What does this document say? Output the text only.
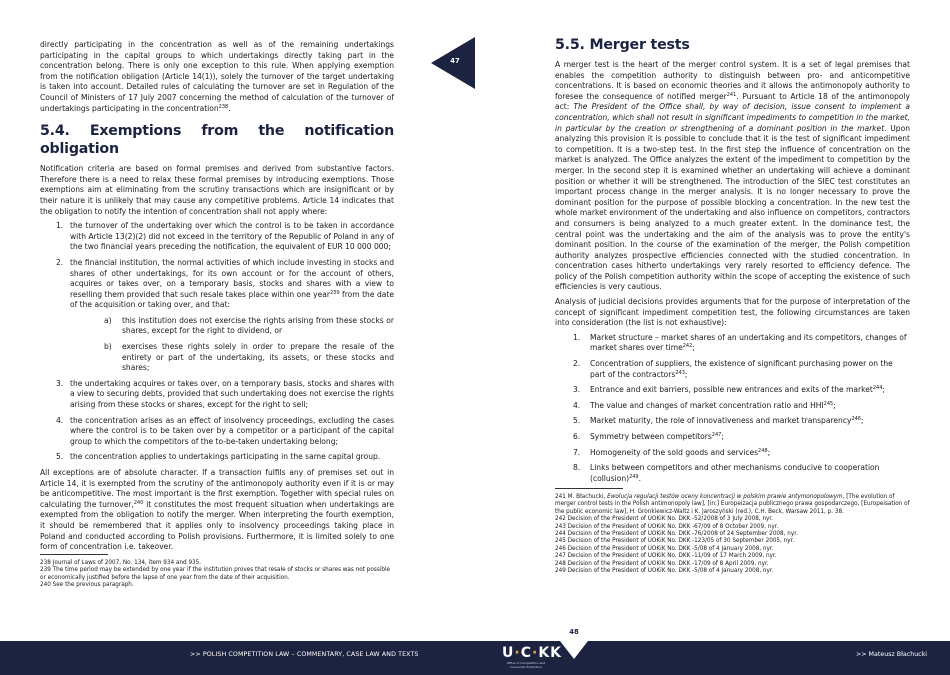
directly participating in the concentration as well as of the remaining undertakings participating in the capital groups to which undertakings directly taking part in the concentration belong. There is only one exception to this rule. When applying exemption from the notification obligation (Article 14(1)), solely the turnover of the target undertaking is taken into account. Detailed rules of calculating the turnover are set in Regulation of the Council of Ministers of 17 July 2007 concerning the method of calculation of the turnover of undertakings participating in the concentration$^{238}$.

5.4. Exemptions from the notification obligation

Notification criteria are based on formal premises and derived from substantive factors. Therefore there is a need to relax these formal premises by introducing exemptions. Those exemptions aim at eliminating from the scrutiny transactions which are insignificant or by their nature it is unlikely that may cause any competitive problems. Article 14 indicates that the obligation to notify the intention of concentration shall not apply where:

1. the turnover of the undertaking over which the control is to be taken in accordance with Article 13(2)(2) did not exceed in the territory of the Republic of Poland in any of the two financial years preceding the notification, the equivalent of EUR 10 000 000;
2. the financial institution, the normal activities of which include investing in stocks and shares of other undertakings, for its own account or for the account of others, acquires or takes over, on a temporary basis, stocks and shares with a view to reselling them provided that such resale takes place within one year$^{239}$ from the date of the acquisition or taking over, and that:
a) this institution does not exercise the rights arising from these stocks or shares, except for the right to dividend, or
b) exercises these rights solely in order to prepare the resale of the entirety or part of the undertaking, its assets, or these stocks and shares;
3. the undertaking acquires or takes over, on a temporary basis, stocks and shares with a view to securing debts, provided that such undertaking does not exercise the rights arising from these stocks or shares, except for the right to sell;
4. the concentration arises as an effect of insolvency proceedings, excluding the cases where the control is to be taken over by a competitor or a participant of the capital group to which the competitors of the to-be-taken undertaking belong;
5. the concentration applies to undertakings participating in the same capital group.

All exceptions are of absolute character. If a transaction fulfils any of premises set out in Article 14, it is exempted from the scrutiny of the antimonopoly authority even if it is or may be anticompetitive. The most important is the first exemption. Together with special rules on calculating the turnover,$^{240}$ it constitutes the most frequent situation when undertakings are exempted from the obligation to notify the merger. When interpreting the fourth exemption, it should be remembered that it applies only to insolvency proceedings taking place in Poland and conducted according to Polish provisions. Furthermore, it is limited solely to one form of concentration i.e. takeover.

238 Journal of Laws of 2007, No. 134, item 934 and 935.
239 The time period may be extended by one year if the institution proves that resale of stocks or shares was not possible or economically justified before the lapse of one year from the date of their acquisition.
240 See the previous paragraph.
47
5.5. Merger tests

A merger test is the heart of the merger control system. It is a set of legal premises that enables the competition authority to distinguish between pro- and anticompetitive concentrations. It is based on economic theories and it allows the antimonopoly authority to foresee the consequence of notified merger$^{241}$. Pursuant to Article 18 of the antimonopoly act: The President of the Office shall, by way of decision, issue consent to implement a concentration, which shall not result in significant impediments to competition in the market, in particular by the creation or strengthening of a dominant position in the market. Upon analyzing this provision it is possible to conclude that it is the test of significant impediment to competition. It is a two-step test. In the first step the influence of concentration on the market is analyzed. The Office analyzes the extent of the impediment to competition by the merger. In the second step it is examined whether an undertaking will achieve a dominant position or whether it will be strengthened. The introduction of the SIEC test constitutes an important process change in the merger analysis. It is no longer necessary to prove the dominant position for the purpose of possible blocking a concentration. In the new test the whole market environment of the undertaking and also influence on competitors, contractors and consumers is being analyzed to a much greater extent. In the dominance test, the central point was the undertaking and the aim of the analysis was to prove the entity's dominant position. In the course of the examination of the merger, the Polish competition authority analyzes prospective efficiencies connected with the studied concentration. In concentration cases hitherto undertakings very rarely resorted to efficiency defence. The policy of the Polish competition authority within the scope of accepting the existence of such efficiencies is very cautious.

Analysis of judicial decisions provides arguments that for the purpose of interpretation of the concept of significant impediment competition test, the following circumstances are taken into consideration (the list is not exhaustive):

1. Market structure – market shares of an undertaking and its competitors, changes of market shares over time$^{242}$;
2. Concentration of suppliers, the existence of significant purchasing power on the part of the contractors$^{243}$;
3. Entrance and exit barriers, possible new entrances and exits of the market$^{244}$;
4. The value and changes of market concentration ratio and HHI$^{245}$;
5. Market maturity, the role of innovativeness and market transparency$^{246}$;
6. Symmetry between competitors$^{247}$;
7. Homogeneity of the sold goods and services$^{248}$;
8. Links between competitors and other mechanisms conducive to cooperation (collusion)$^{249}$.
241 M. Błachucki, Ewolucja regulacji testów oceny koncentracji w polskim prawie antymonopolowym, [The evolution of merger control tests in the Polish antimonopoly law], [in:] Europeizacja publicznego prawa gospodarczego, [Europeisation of the public economic law], H. Gronkiewicz-Waltz i K. Jaroszyński (red.), C.H. Beck, Warsaw 2011, p. 38.
242 Decision of the President of UOKiK No. DKK -52/2008 of 3 July 2008, nyr.
243 Decision of the President of UOKiK No. DKK -67/09 of 8 October 2009, nyr.
244 Decision of the President of UOKiK No. DKK -76/2008 of 24 September 2008, nyr.
245 Decision of the President of UOKiK No. DKK -123/05 of 30 September 2005, nyr.
246 Decision of the President of UOKiK No. DKK -5/08 of 4 January 2008, nyr.
247 Decision of the President of UOKiK No. DKK -11/09 of 17 March 2009, nyr.
248 Decision of the President of UOKiK No. DKK -17/09 of 8 April 2009, nyr.
249 Decision of the President of UOKiK No. DKK -5/08 of 4 January 2008, nyr.
48
>> POLISH COMPETITION LAW – COMMENTARY, CASE LAW AND TEXTS	U·C·KK
Office of Competition and Consumer Protection
>> Mateusz Błachucki
